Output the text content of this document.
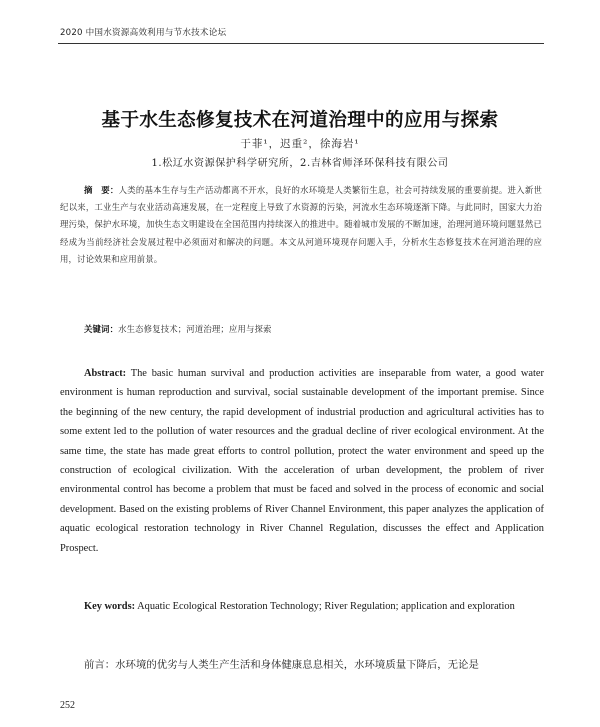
2020 中国水资源高效利用与节水技术论坛
基于水生态修复技术在河道治理中的应用与探索
于菲¹，迟重²，徐海岩¹
1.松辽水资源保护科学研究所，2.吉林省师泽环保科技有限公司
摘　要：人类的基本生存与生产活动都离不开水，良好的水环境是人类繁衍生息，社会可持续发展的重要前提。进入新世纪以来，工业生产与农业活动高速发展，在一定程度上导致了水资源的污染，河流水生态环境逐渐下降。与此同时，国家大力治理污染，保护水环境，加快生态文明建设在全国范围内持续深入的推进中。随着城市发展的不断加速，治理河道环境问题显然已经成为当前经济社会发展过程中必须面对和解决的问题。本文从河道环境现存问题入手，分析水生态修复技术在河道治理的应用，讨论效果和应用前景。
关键词：水生态修复技术；河道治理；应用与探索
Abstract: The basic human survival and production activities are inseparable from water, a good water environment is human reproduction and survival, social sustainable development of the important premise. Since the beginning of the new century, the rapid development of industrial production and agricultural activities has to some extent led to the pollution of water resources and the gradual decline of river ecological environment. At the same time, the state has made great efforts to control pollution, protect the water environment and speed up the construction of ecological civilization. With the acceleration of urban development, the problem of river environmental control has become a problem that must be faced and solved in the process of economic and social development. Based on the existing problems of River Channel Environment, this paper analyzes the application of aquatic ecological restoration technology in River Channel Regulation, discusses the effect and Application Prospect.
Key words: Aquatic Ecological Restoration Technology; River Regulation; application and exploration
前言：水环境的优劣与人类生产生活和身体健康息息相关，水环境质量下降后，无论是
252
